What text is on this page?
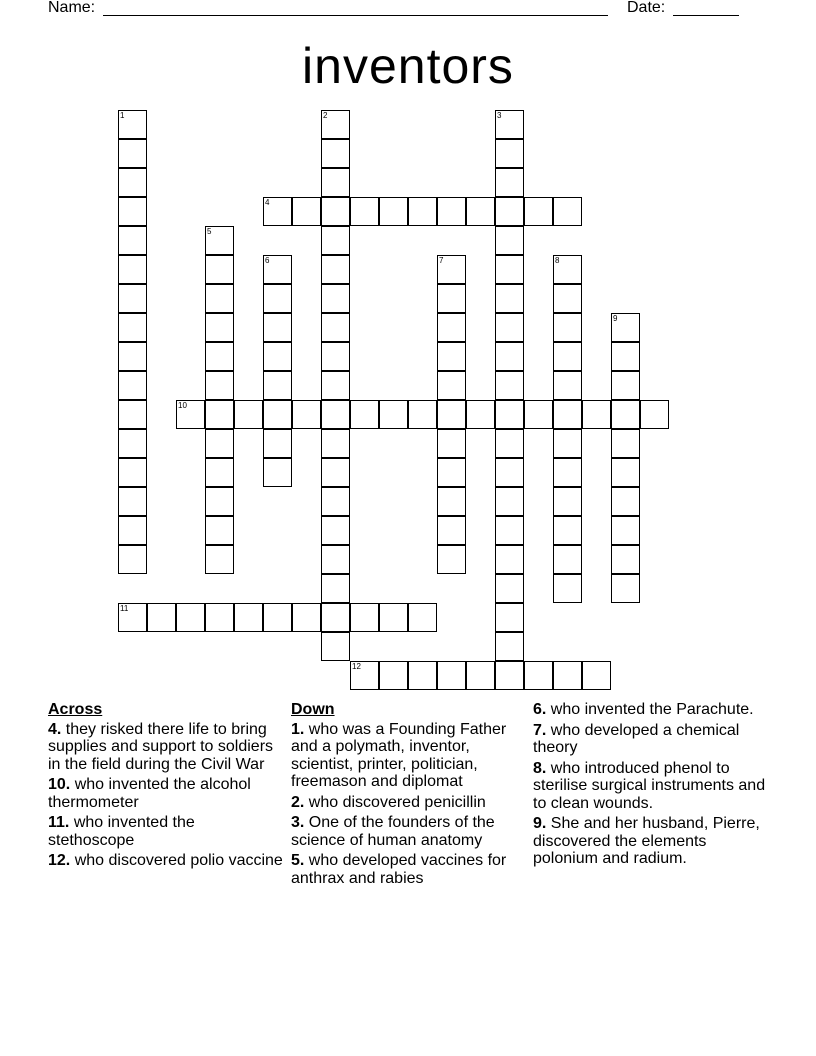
Name:	Date:
inventors
1	2	3
4
5
6	7	8
9
10
11
12
Across
4. they risked there life to bring supplies and support to soldiers in the field during the Civil War
10. who invented the alcohol thermometer
11. who invented the stethoscope
12. who discovered polio vaccine
Down
1. who was a Founding Father and a polymath, inventor, scientist, printer, politician, freemason and diplomat
2. who discovered penicillin
3. One of the founders of the science of human anatomy
5. who developed vaccines for anthrax and rabies
6. who invented the Parachute.
7. who developed a chemical theory
8. who introduced phenol to sterilise surgical instruments and to clean wounds.
9. She and her husband, Pierre, discovered the elements polonium and radium.
